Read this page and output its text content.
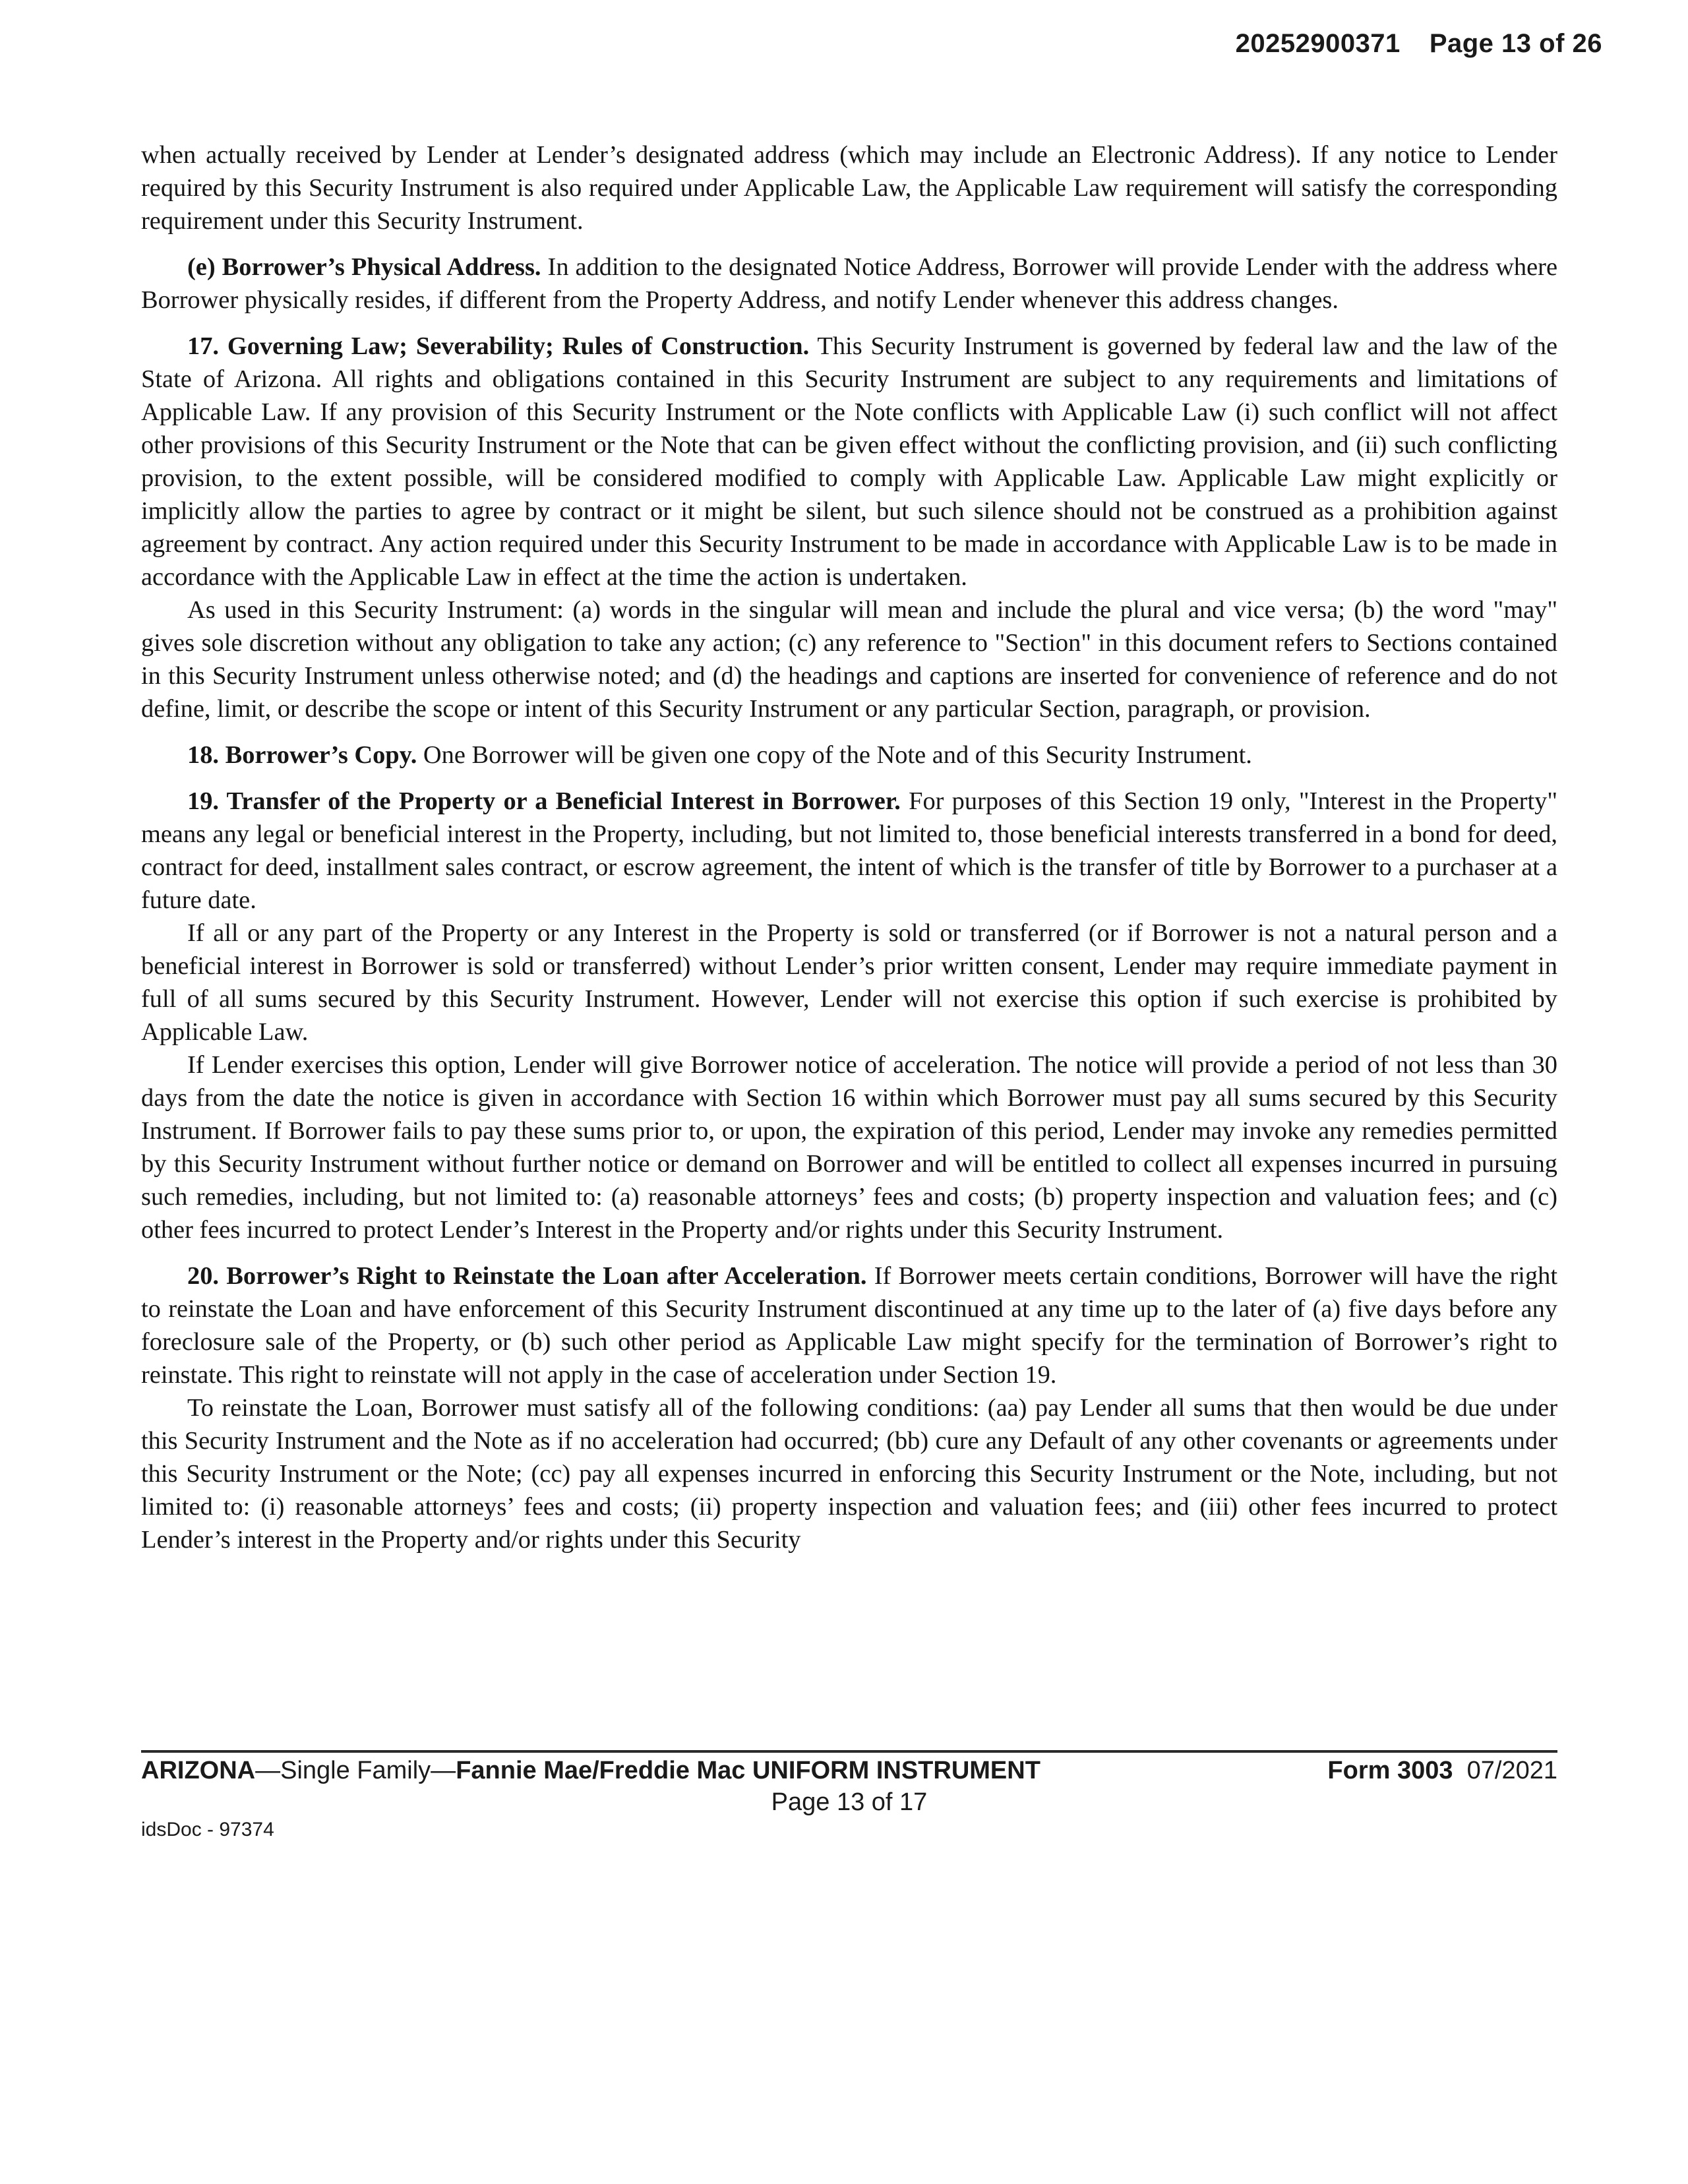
20252900371 Page 13 of 26

when actually received by Lender at Lender’s designated address (which may include an Electronic Address). If any notice to Lender required by this Security Instrument is also required under Applicable Law, the Applicable Law requirement will satisfy the corresponding requirement under this Security Instrument.

(e) Borrower’s Physical Address. In addition to the designated Notice Address, Borrower will provide Lender with the address where Borrower physically resides, if different from the Property Address, and notify Lender whenever this address changes.

17. Governing Law; Severability; Rules of Construction. This Security Instrument is governed by federal law and the law of the State of Arizona. All rights and obligations contained in this Security Instrument are subject to any requirements and limitations of Applicable Law. If any provision of this Security Instrument or the Note conflicts with Applicable Law (i) such conflict will not affect other provisions of this Security Instrument or the Note that can be given effect without the conflicting provision, and (ii) such conflicting provision, to the extent possible, will be considered modified to comply with Applicable Law. Applicable Law might explicitly or implicitly allow the parties to agree by contract or it might be silent, but such silence should not be construed as a prohibition against agreement by contract. Any action required under this Security Instrument to be made in accordance with Applicable Law is to be made in accordance with the Applicable Law in effect at the time the action is undertaken.

As used in this Security Instrument: (a) words in the singular will mean and include the plural and vice versa; (b) the word "may" gives sole discretion without any obligation to take any action; (c) any reference to "Section" in this document refers to Sections contained in this Security Instrument unless otherwise noted; and (d) the headings and captions are inserted for convenience of reference and do not define, limit, or describe the scope or intent of this Security Instrument or any particular Section, paragraph, or provision.

18. Borrower’s Copy. One Borrower will be given one copy of the Note and of this Security Instrument.

19. Transfer of the Property or a Beneficial Interest in Borrower. For purposes of this Section 19 only, "Interest in the Property" means any legal or beneficial interest in the Property, including, but not limited to, those beneficial interests transferred in a bond for deed, contract for deed, installment sales contract, or escrow agreement, the intent of which is the transfer of title by Borrower to a purchaser at a future date.

If all or any part of the Property or any Interest in the Property is sold or transferred (or if Borrower is not a natural person and a beneficial interest in Borrower is sold or transferred) without Lender’s prior written consent, Lender may require immediate payment in full of all sums secured by this Security Instrument. However, Lender will not exercise this option if such exercise is prohibited by Applicable Law.

If Lender exercises this option, Lender will give Borrower notice of acceleration. The notice will provide a period of not less than 30 days from the date the notice is given in accordance with Section 16 within which Borrower must pay all sums secured by this Security Instrument. If Borrower fails to pay these sums prior to, or upon, the expiration of this period, Lender may invoke any remedies permitted by this Security Instrument without further notice or demand on Borrower and will be entitled to collect all expenses incurred in pursuing such remedies, including, but not limited to: (a) reasonable attorneys’ fees and costs; (b) property inspection and valuation fees; and (c) other fees incurred to protect Lender’s Interest in the Property and/or rights under this Security Instrument.

20. Borrower’s Right to Reinstate the Loan after Acceleration. If Borrower meets certain conditions, Borrower will have the right to reinstate the Loan and have enforcement of this Security Instrument discontinued at any time up to the later of (a) five days before any foreclosure sale of the Property, or (b) such other period as Applicable Law might specify for the termination of Borrower’s right to reinstate. This right to reinstate will not apply in the case of acceleration under Section 19.

To reinstate the Loan, Borrower must satisfy all of the following conditions: (aa) pay Lender all sums that then would be due under this Security Instrument and the Note as if no acceleration had occurred; (bb) cure any Default of any other covenants or agreements under this Security Instrument or the Note; (cc) pay all expenses incurred in enforcing this Security Instrument or the Note, including, but not limited to: (i) reasonable attorneys’ fees and costs; (ii) property inspection and valuation fees; and (iii) other fees incurred to protect Lender’s interest in the Property and/or rights under this Security

ARIZONA—Single Family—Fannie Mae/Freddie Mac UNIFORM INSTRUMENT	Form 3003 07/2021
Page 13 of 17
idsDoc - 97374
